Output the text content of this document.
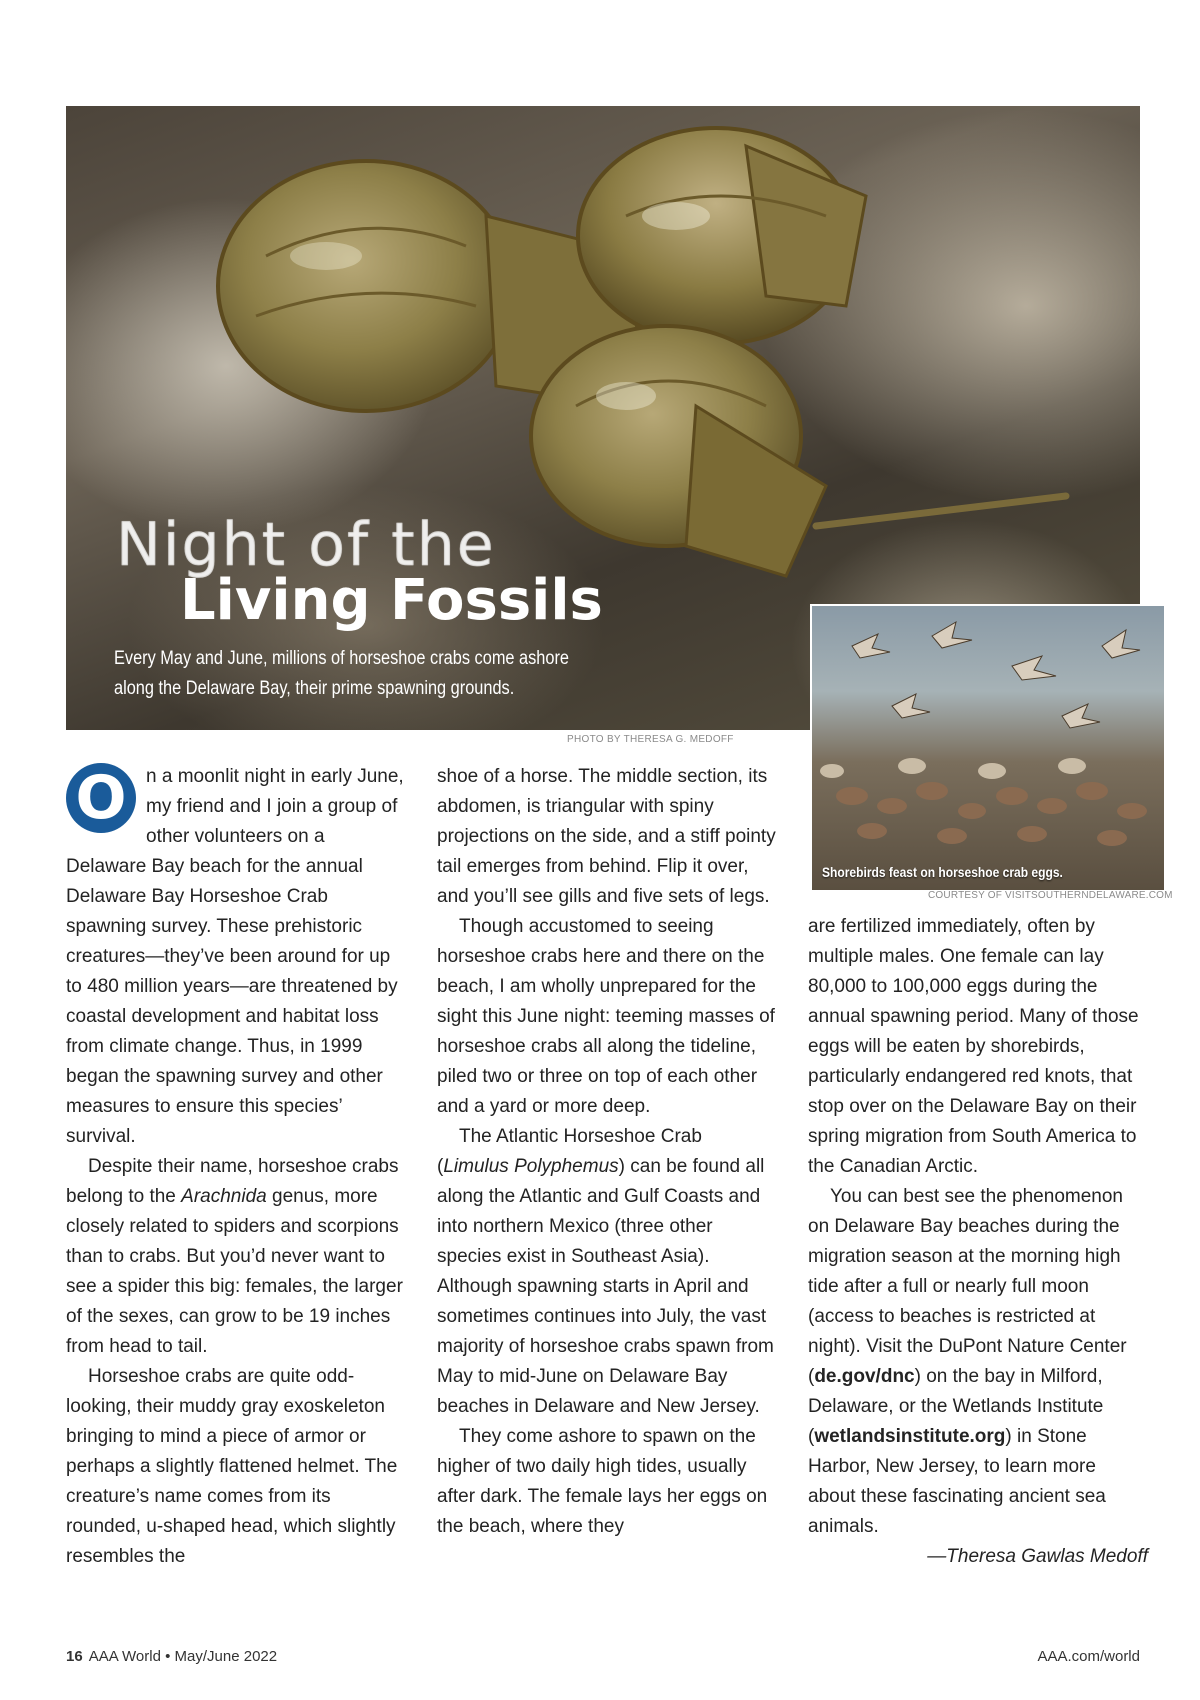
Night of the
Living Fossils
Every May and June, millions of horseshoe crabs come ashore along the Delaware Bay, their prime spawning grounds.
PHOTO BY THERESA G. MEDOFF
Shorebirds feast on horseshoe crab eggs.
COURTESY OF VISITSOUTHERNDELAWARE.COM

O	n a moonlit night in early June, my friend and I join a group of other volunteers on a Delaware Bay beach for the annual Delaware Bay Horseshoe Crab spawning survey. These prehistoric creatures—they’ve been around for up to 480 million years—are threatened by coastal development and habitat loss from climate change. Thus, in 1999 began the spawning survey and other measures to ensure this species’ survival.

Despite their name, horseshoe crabs belong to the Arachnida genus, more closely related to spiders and scorpions than to crabs. But you’d never want to see a spider this big: females, the larger of the sexes, can grow to be 19 inches from head to tail.

Horseshoe crabs are quite odd-looking, their muddy gray exoskeleton bringing to mind a piece of armor or perhaps a slightly flattened helmet. The creature’s name comes from its rounded, u-shaped head, which slightly resembles the

shoe of a horse. The middle section, its abdomen, is triangular with spiny projections on the side, and a stiff pointy tail emerges from behind. Flip it over, and you’ll see gills and five sets of legs.

Though accustomed to seeing horseshoe crabs here and there on the beach, I am wholly unprepared for the sight this June night: teeming masses of horseshoe crabs all along the tideline, piled two or three on top of each other and a yard or more deep.

The Atlantic Horseshoe Crab (Limulus Polyphemus) can be found all along the Atlantic and Gulf Coasts and into northern Mexico (three other species exist in Southeast Asia). Although spawning starts in April and sometimes continues into July, the vast majority of horseshoe crabs spawn from May to mid-June on Delaware Bay beaches in Delaware and New Jersey.

They come ashore to spawn on the higher of two daily high tides, usually after dark. The female lays her eggs on the beach, where they

are fertilized immediately, often by multiple males. One female can lay 80,000 to 100,000 eggs during the annual spawning period. Many of those eggs will be eaten by shorebirds, particularly endangered red knots, that stop over on the Delaware Bay on their spring migration from South America to the Canadian Arctic.

You can best see the phenomenon on Delaware Bay beaches during the migration season at the morning high tide after a full or nearly full moon (access to beaches is restricted at night). Visit the DuPont Nature Center (de.gov/dnc) on the bay in Milford, Delaware, or the Wetlands Institute (wetlandsinstitute.org) in Stone Harbor, New Jersey, to learn more about these fascinating ancient sea animals.

—Theresa Gawlas Medoff

16 AAA World • May/June 2022	AAA.com/world
